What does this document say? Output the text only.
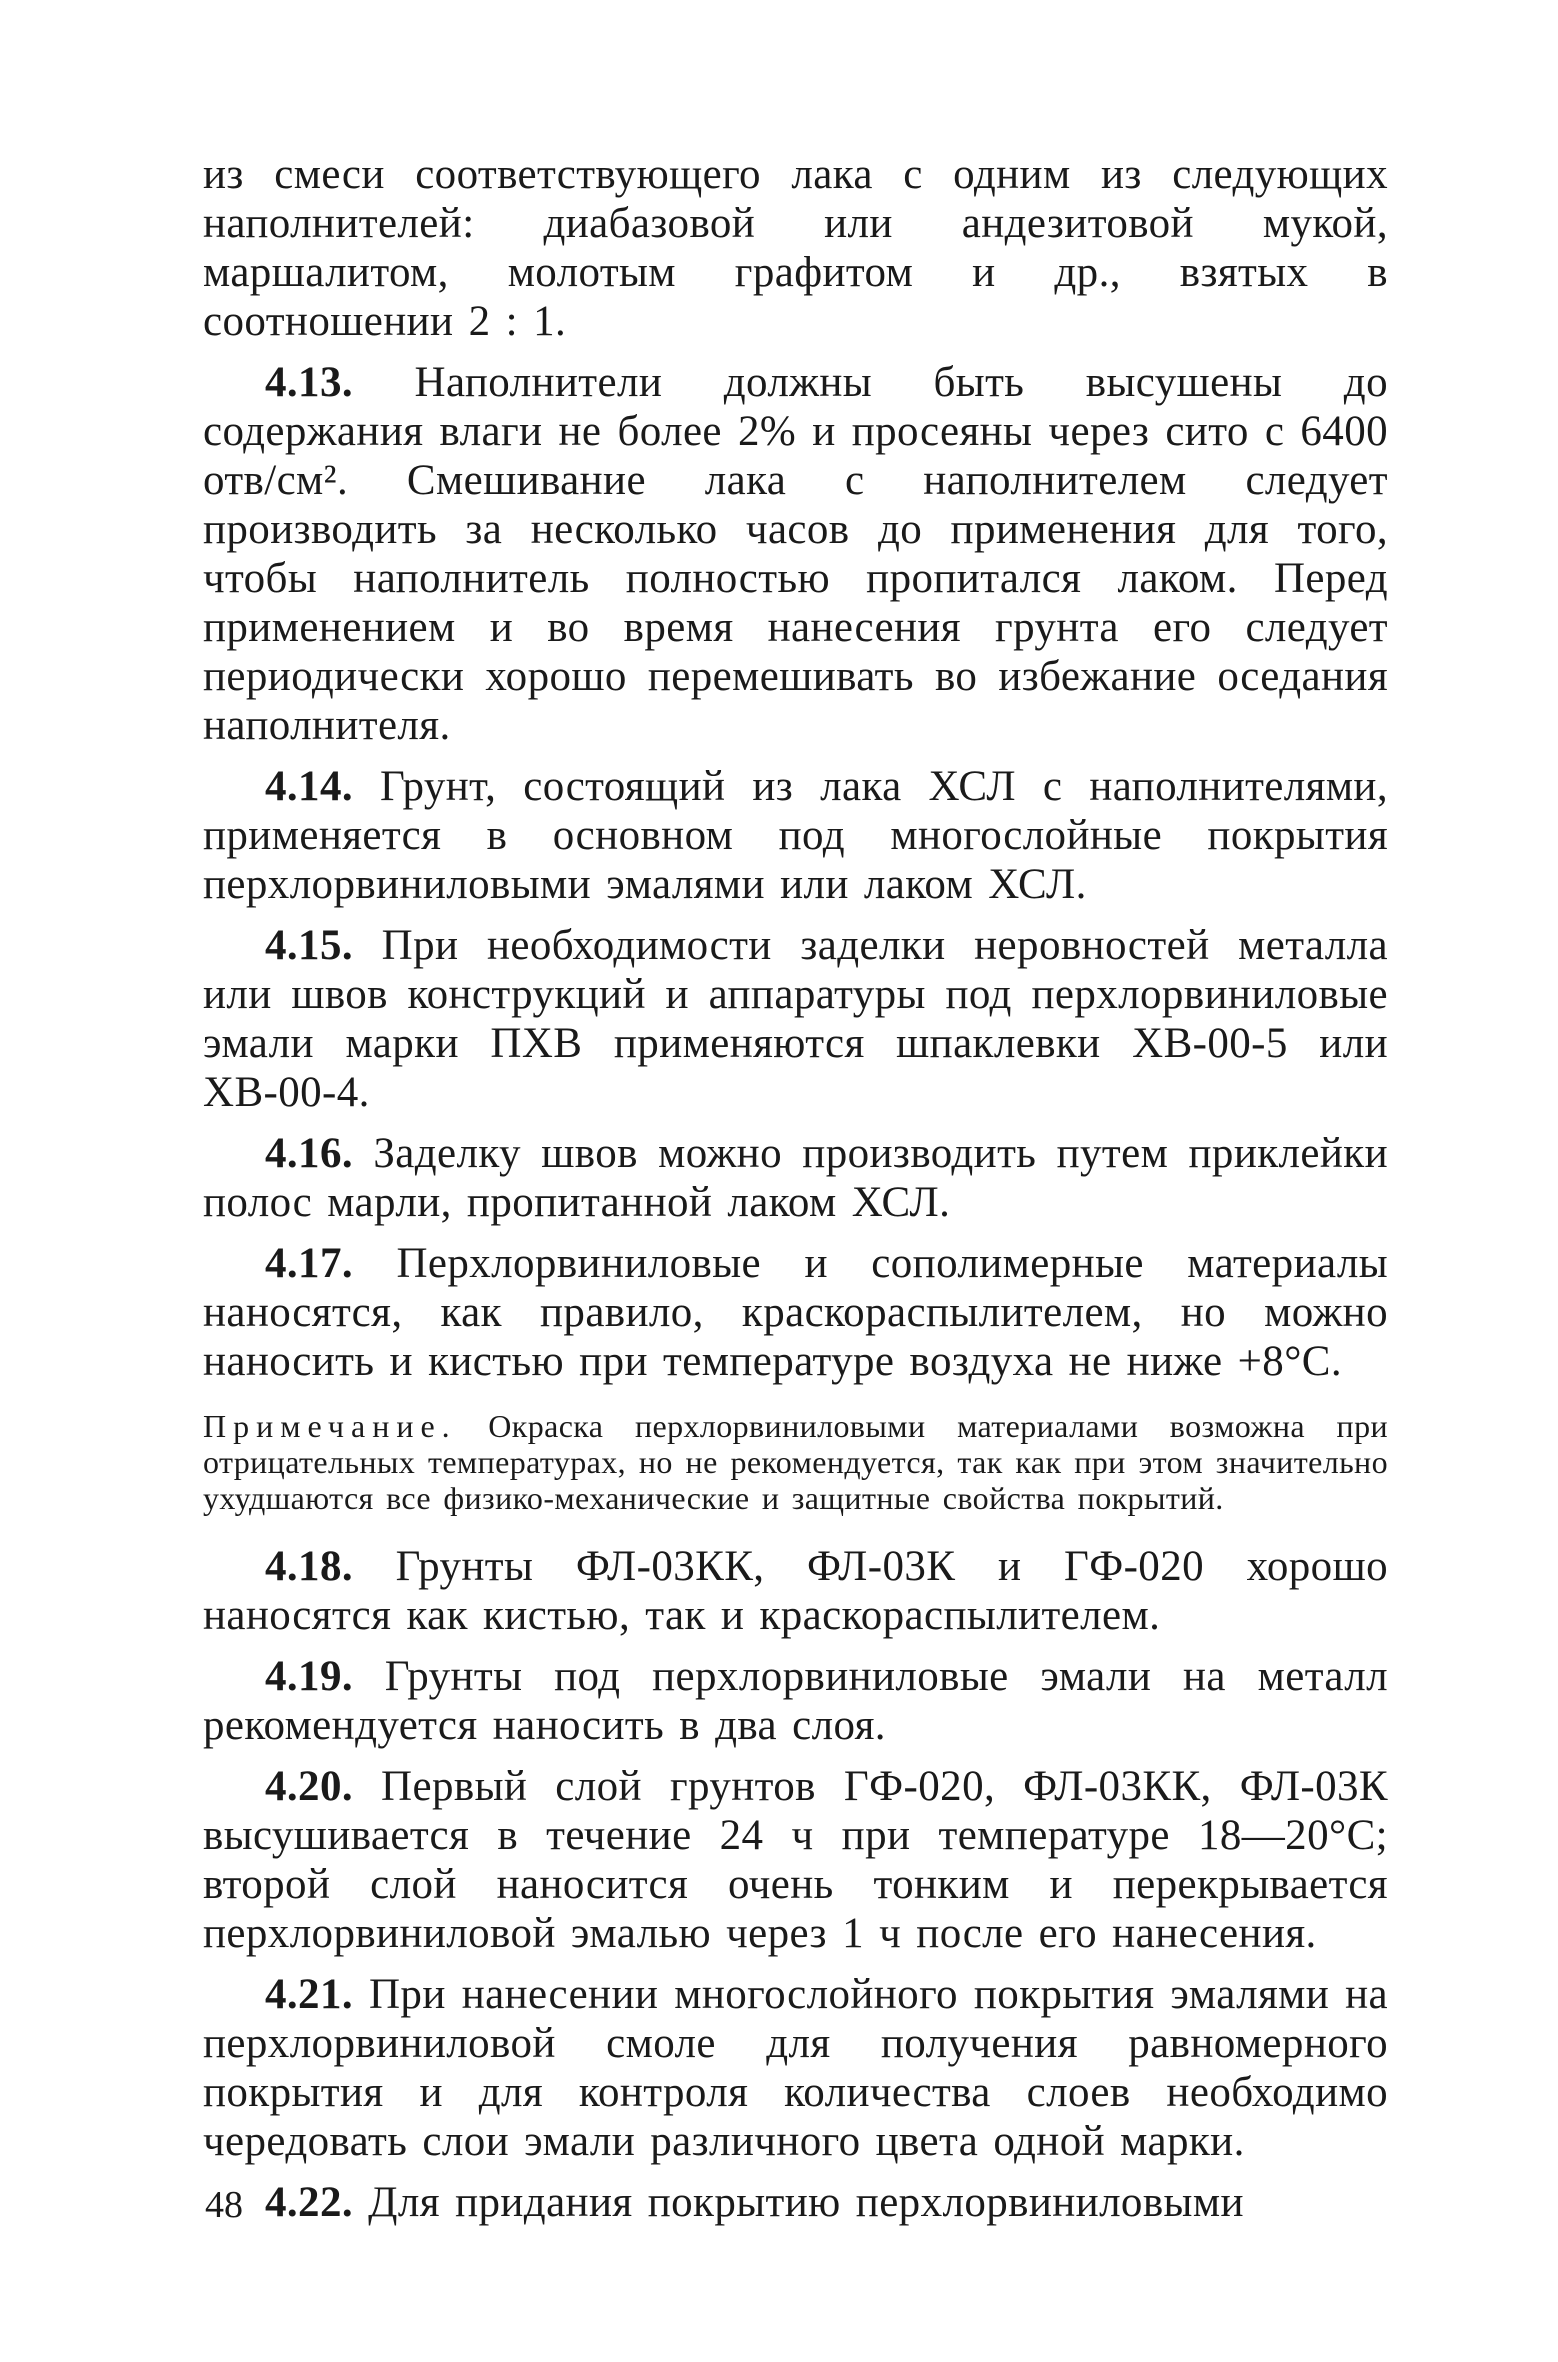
из смеси соответствующего лака с одним из следующих наполнителей: диабазовой или андезитовой мукой, маршалитом, молотым графитом и др., взятых в соотношении 2 : 1.

4.13. Наполнители должны быть высушены до содержания влаги не более 2% и просеяны через сито с 6400 отв/см². Смешивание лака с наполнителем следует производить за несколько часов до применения для того, чтобы наполнитель полностью пропитался лаком. Перед применением и во время нанесения грунта его следует периодически хорошо перемешивать во избежание оседания наполнителя.

4.14. Грунт, состоящий из лака ХСЛ с наполнителями, применяется в основном под многослойные покрытия перхлорвиниловыми эмалями или лаком ХСЛ.

4.15. При необходимости заделки неровностей металла или швов конструкций и аппаратуры под перхлорвиниловые эмали марки ПХВ применяются шпаклевки ХВ-00-5 или ХВ-00-4.

4.16. Заделку швов можно производить путем приклейки полос марли, пропитанной лаком ХСЛ.

4.17. Перхлорвиниловые и сополимерные материалы наносятся, как правило, краскораспылителем, но можно наносить и кистью при температуре воздуха не ниже +8°С.

Примечание. Окраска перхлорвиниловыми материалами возможна при отрицательных температурах, но не рекомендуется, так как при этом значительно ухудшаются все физико-механические и защитные свойства покрытий.

4.18. Грунты ФЛ-03КК, ФЛ-03К и ГФ-020 хорошо наносятся как кистью, так и краскораспылителем.

4.19. Грунты под перхлорвиниловые эмали на металл рекомендуется наносить в два слоя.

4.20. Первый слой грунтов ГФ-020, ФЛ-03КК, ФЛ-03К высушивается в течение 24 ч при температуре 18—20°С; второй слой наносится очень тонким и перекрывается перхлорвиниловой эмалью через 1 ч после его нанесения.

4.21. При нанесении многослойного покрытия эмалями на перхлорвиниловой смоле для получения равномерного покрытия и для контроля количества слоев необходимо чередовать слои эмали различного цвета одной марки.

4.22. Для придания покрытию перхлорвиниловыми

48
